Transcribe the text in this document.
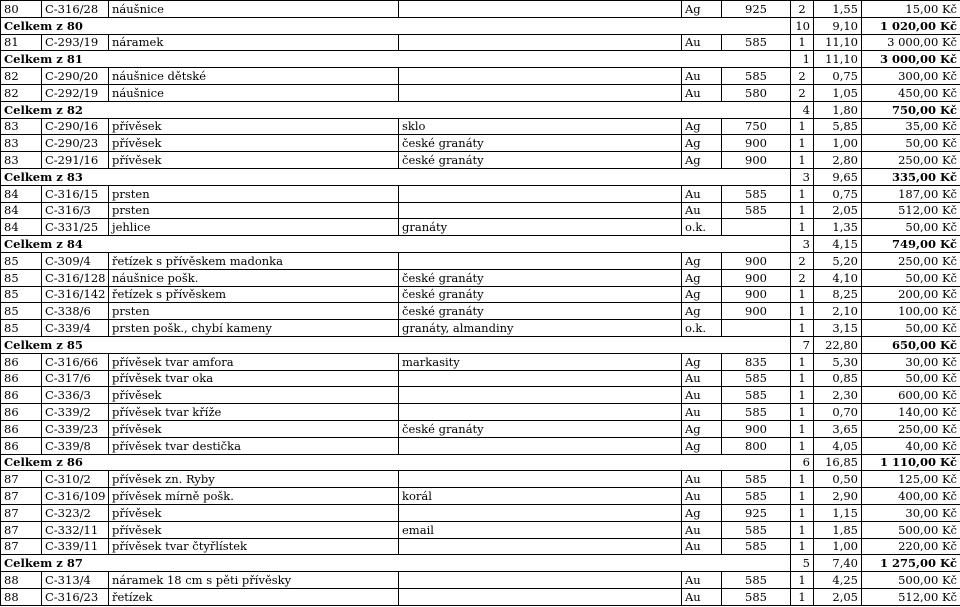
80	C-316/28	náušnice		Ag	925	2	1,55	15,00 Kč
Celkem z 80						10	9,10	1 020,00 Kč
81	C-293/19	náramek		Au	585	1	11,10	3 000,00 Kč
Celkem z 81						1	11,10	3 000,00 Kč
82	C-290/20	náušnice dětské		Au	585	2	0,75	300,00 Kč
82	C-292/19	náušnice		Au	580	2	1,05	450,00 Kč
Celkem z 82						4	1,80	750,00 Kč
83	C-290/16	přívěsek	sklo	Ag	750	1	5,85	35,00 Kč
83	C-290/23	přívěsek	české granáty	Ag	900	1	1,00	50,00 Kč
83	C-291/16	přívěsek	české granáty	Ag	900	1	2,80	250,00 Kč
Celkem z 83						3	9,65	335,00 Kč
84	C-316/15	prsten		Au	585	1	0,75	187,00 Kč
84	C-316/3	prsten		Au	585	1	2,05	512,00 Kč
84	C-331/25	jehlice	granáty	o.k.		1	1,35	50,00 Kč
Celkem z 84						3	4,15	749,00 Kč
85	C-309/4	řetízek s přívěskem madonka		Ag	900	2	5,20	250,00 Kč
85	C-316/128	náušnice pošk.	české granáty	Ag	900	2	4,10	50,00 Kč
85	C-316/142	řetízek s přívěskem	české granáty	Ag	900	1	8,25	200,00 Kč
85	C-338/6	prsten	české granáty	Ag	900	1	2,10	100,00 Kč
85	C-339/4	prsten pošk., chybí kameny	granáty, almandiny	o.k.		1	3,15	50,00 Kč
Celkem z 85						7	22,80	650,00 Kč
86	C-316/66	přívěsek tvar amfora	markasity	Ag	835	1	5,30	30,00 Kč
86	C-317/6	přívěsek tvar oka		Au	585	1	0,85	50,00 Kč
86	C-336/3	přívěsek		Au	585	1	2,30	600,00 Kč
86	C-339/2	přívěsek tvar kříže		Au	585	1	0,70	140,00 Kč
86	C-339/23	přívěsek	české granáty	Ag	900	1	3,65	250,00 Kč
86	C-339/8	přívěsek tvar destička		Ag	800	1	4,05	40,00 Kč
Celkem z 86						6	16,85	1 110,00 Kč
87	C-310/2	přívěsek zn. Ryby		Au	585	1	0,50	125,00 Kč
87	C-316/109	přívěsek mírně pošk.	korál	Au	585	1	2,90	400,00 Kč
87	C-323/2	přívěsek		Ag	925	1	1,15	30,00 Kč
87	C-332/11	přívěsek	email	Au	585	1	1,85	500,00 Kč
87	C-339/11	přívěsek tvar čtyřlístek		Au	585	1	1,00	220,00 Kč
Celkem z 87						5	7,40	1 275,00 Kč
88	C-313/4	náramek 18 cm s pěti přívěsky		Au	585	1	4,25	500,00 Kč
88	C-316/23	řetízek		Au	585	1	2,05	512,00 Kč
